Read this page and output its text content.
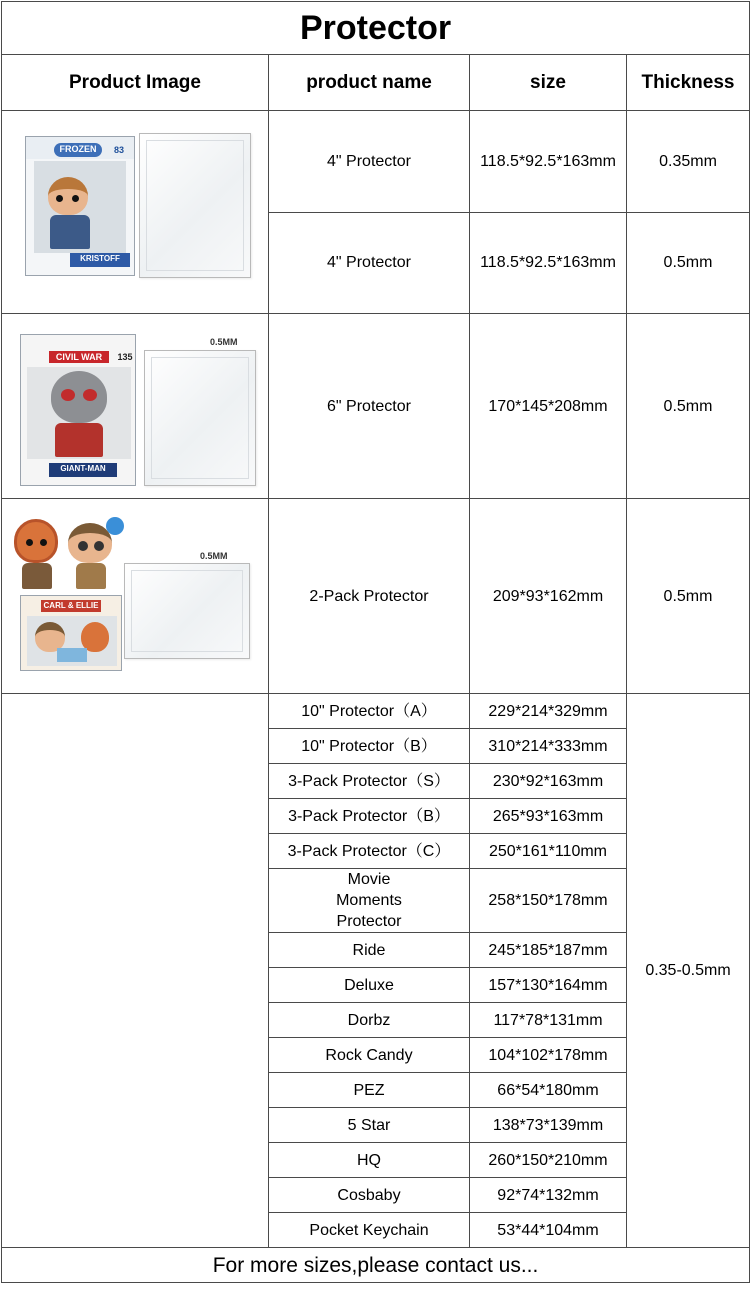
Protector			
Product Image	product name	size	Thickness

FROZEN 83
KRISTOFF	4" Protector	118.5*92.5*163mm	0.35mm
	4" Protector	118.5*92.5*163mm	0.5mm

0.5MM
CIVIL WAR 135
GIANT-MAN	6" Protector	170*145*208mm	0.5mm

0.5MM
CARL & ELLIE	2-Pack Protector	209*93*162mm	0.5mm
	10" Protector（A）	229*214*329mm	0.35-0.5mm
	10" Protector（B）	310*214*333mm	
	3-Pack Protector（S）	230*92*163mm	
	3-Pack Protector（B）	265*93*163mm	
	3-Pack Protector（C）	250*161*110mm	
	Movie Moments Protector	258*150*178mm	
	Ride	245*185*187mm	
	Deluxe	157*130*164mm	
	Dorbz	117*78*131mm	
	Rock Candy	104*102*178mm	
	PEZ	66*54*180mm	
	5 Star	138*73*139mm	
	HQ	260*150*210mm	
	Cosbaby	92*74*132mm	
	Pocket Keychain	53*44*104mm	
For more sizes,please contact us...			
